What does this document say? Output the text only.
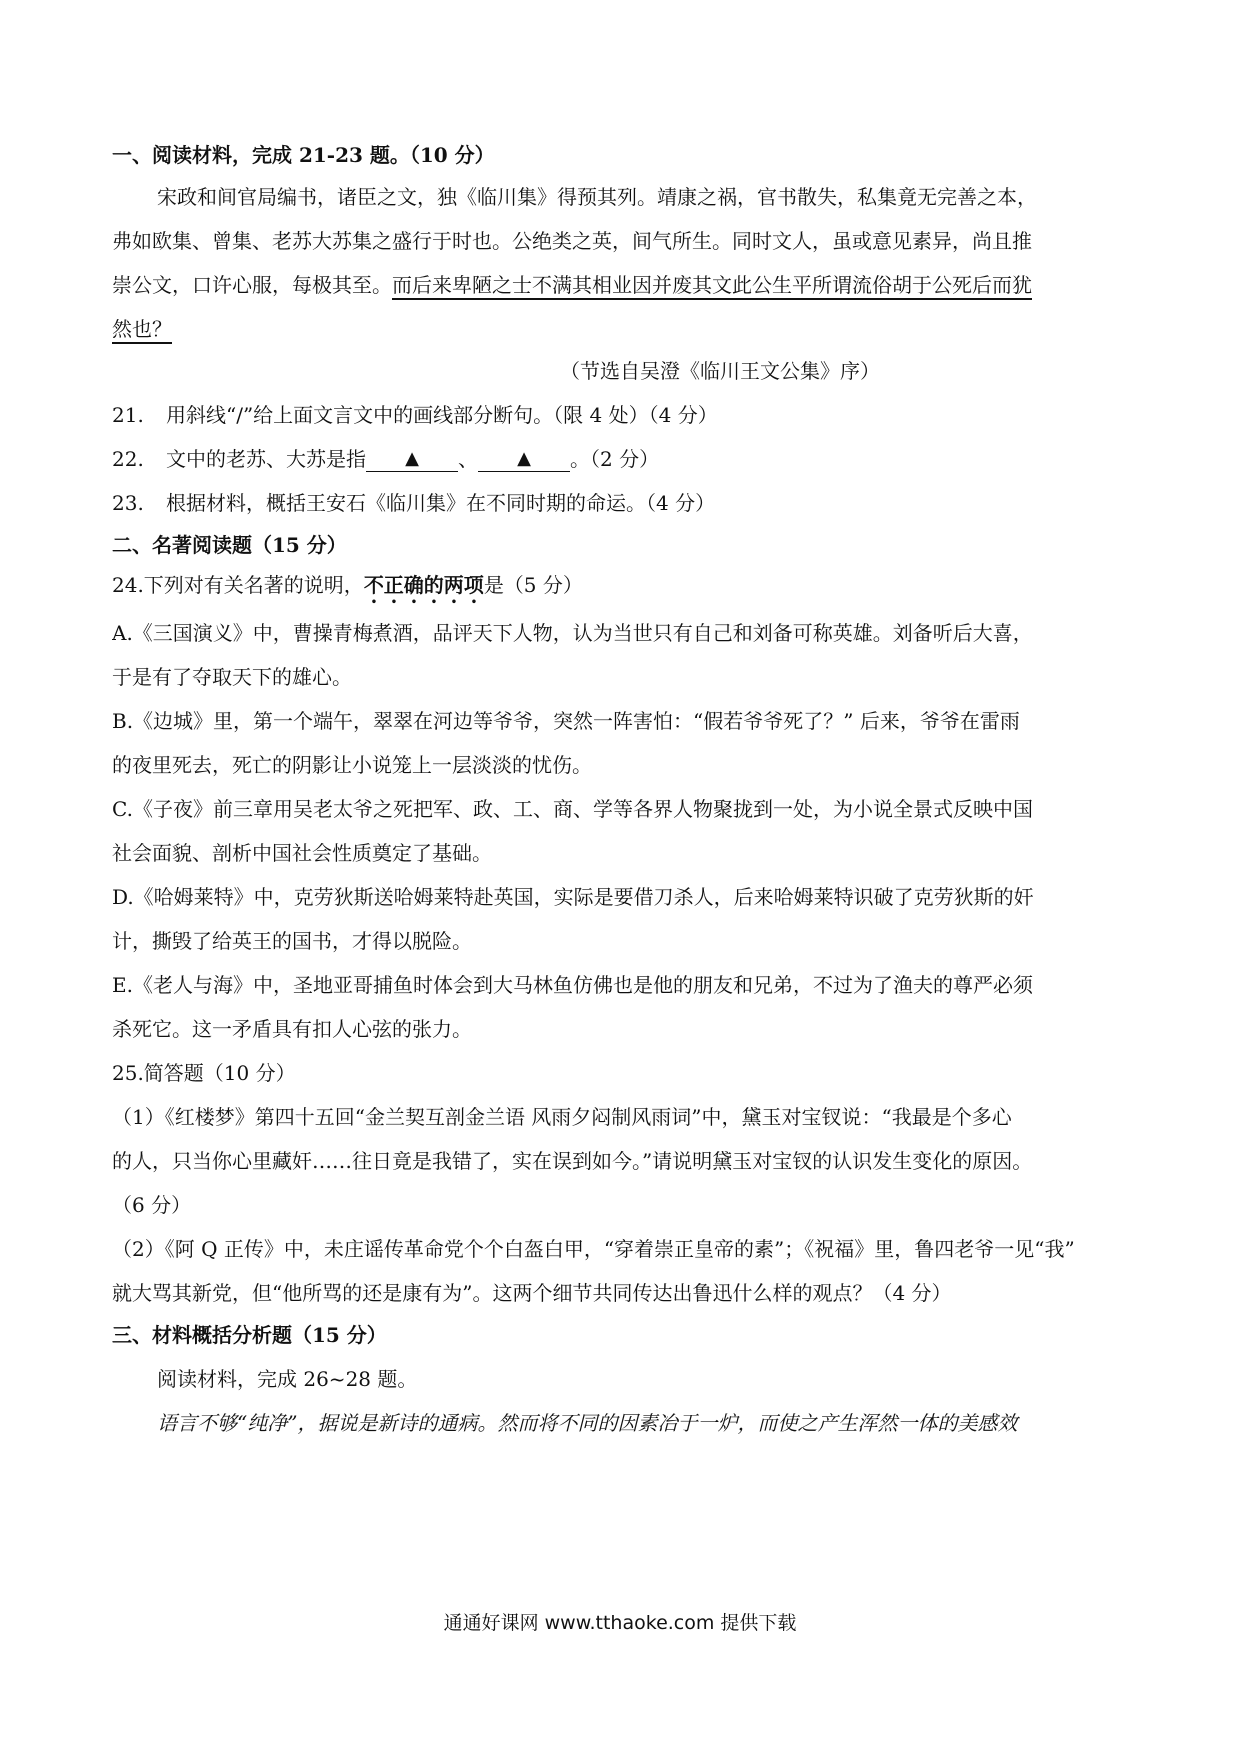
一、阅读材料，完成 21-23 题。（10 分）
宋政和间官局编书，诸臣之文，独《临川集》得预其列。靖康之祸，官书散失，私集竟无完善之本，
弗如欧集、曾集、老苏大苏集之盛行于时也。公绝类之英，间气所生。同时文人，虽或意见素异，尚且推
崇公文，口许心服，每极其至。而后来卑陋之士不满其相业因并废其文此公生平所谓流俗胡于公死后而犹
然也？
（节选自吴澄《临川王文公集》序）
21. 用斜线“/”给上面文言文中的画线部分断句。（限 4 处）（4 分）
22. 文中的老苏、大苏是指 ▲ 、 ▲ 。（2 分）
23. 根据材料，概括王安石《临川集》在不同时期的命运。（4 分）
二、名著阅读题（15 分）
24.下列对有关名著的说明，不正确的两项是（5 分）
A.《三国演义》中，曹操青梅煮酒，品评天下人物，认为当世只有自己和刘备可称英雄。刘备听后大喜，
于是有了夺取天下的雄心。
B.《边城》里，第一个端午，翠翠在河边等爷爷，突然一阵害怕：“假若爷爷死了？” 后来，爷爷在雷雨
的夜里死去，死亡的阴影让小说笼上一层淡淡的忧伤。
C.《子夜》前三章用吴老太爷之死把军、政、工、商、学等各界人物聚拢到一处，为小说全景式反映中国
社会面貌、剖析中国社会性质奠定了基础。
D.《哈姆莱特》中，克劳狄斯送哈姆莱特赴英国，实际是要借刀杀人，后来哈姆莱特识破了克劳狄斯的奸
计，撕毁了给英王的国书，才得以脱险。
E.《老人与海》中，圣地亚哥捕鱼时体会到大马林鱼仿佛也是他的朋友和兄弟，不过为了渔夫的尊严必须
杀死它。这一矛盾具有扣人心弦的张力。
25.简答题（10 分）
（1）《红楼梦》第四十五回“金兰契互剖金兰语 风雨夕闷制风雨词”中，黛玉对宝钗说：“我最是个多心
的人，只当你心里藏奸……往日竟是我错了，实在误到如今。”请说明黛玉对宝钗的认识发生变化的原因。
（6 分）
（2）《阿 Q 正传》中，未庄谣传革命党个个白盔白甲，“穿着崇正皇帝的素”；《祝福》里，鲁四老爷一见“我”
就大骂其新党，但“他所骂的还是康有为”。这两个细节共同传达出鲁迅什么样的观点？（4 分）
三、材料概括分析题（15 分）
阅读材料，完成 26~28 题。
语言不够“纯净”，据说是新诗的通病。然而将不同的因素冶于一炉，而使之产生浑然一体的美感效
通通好课网 www.tthaoke.com 提供下载
